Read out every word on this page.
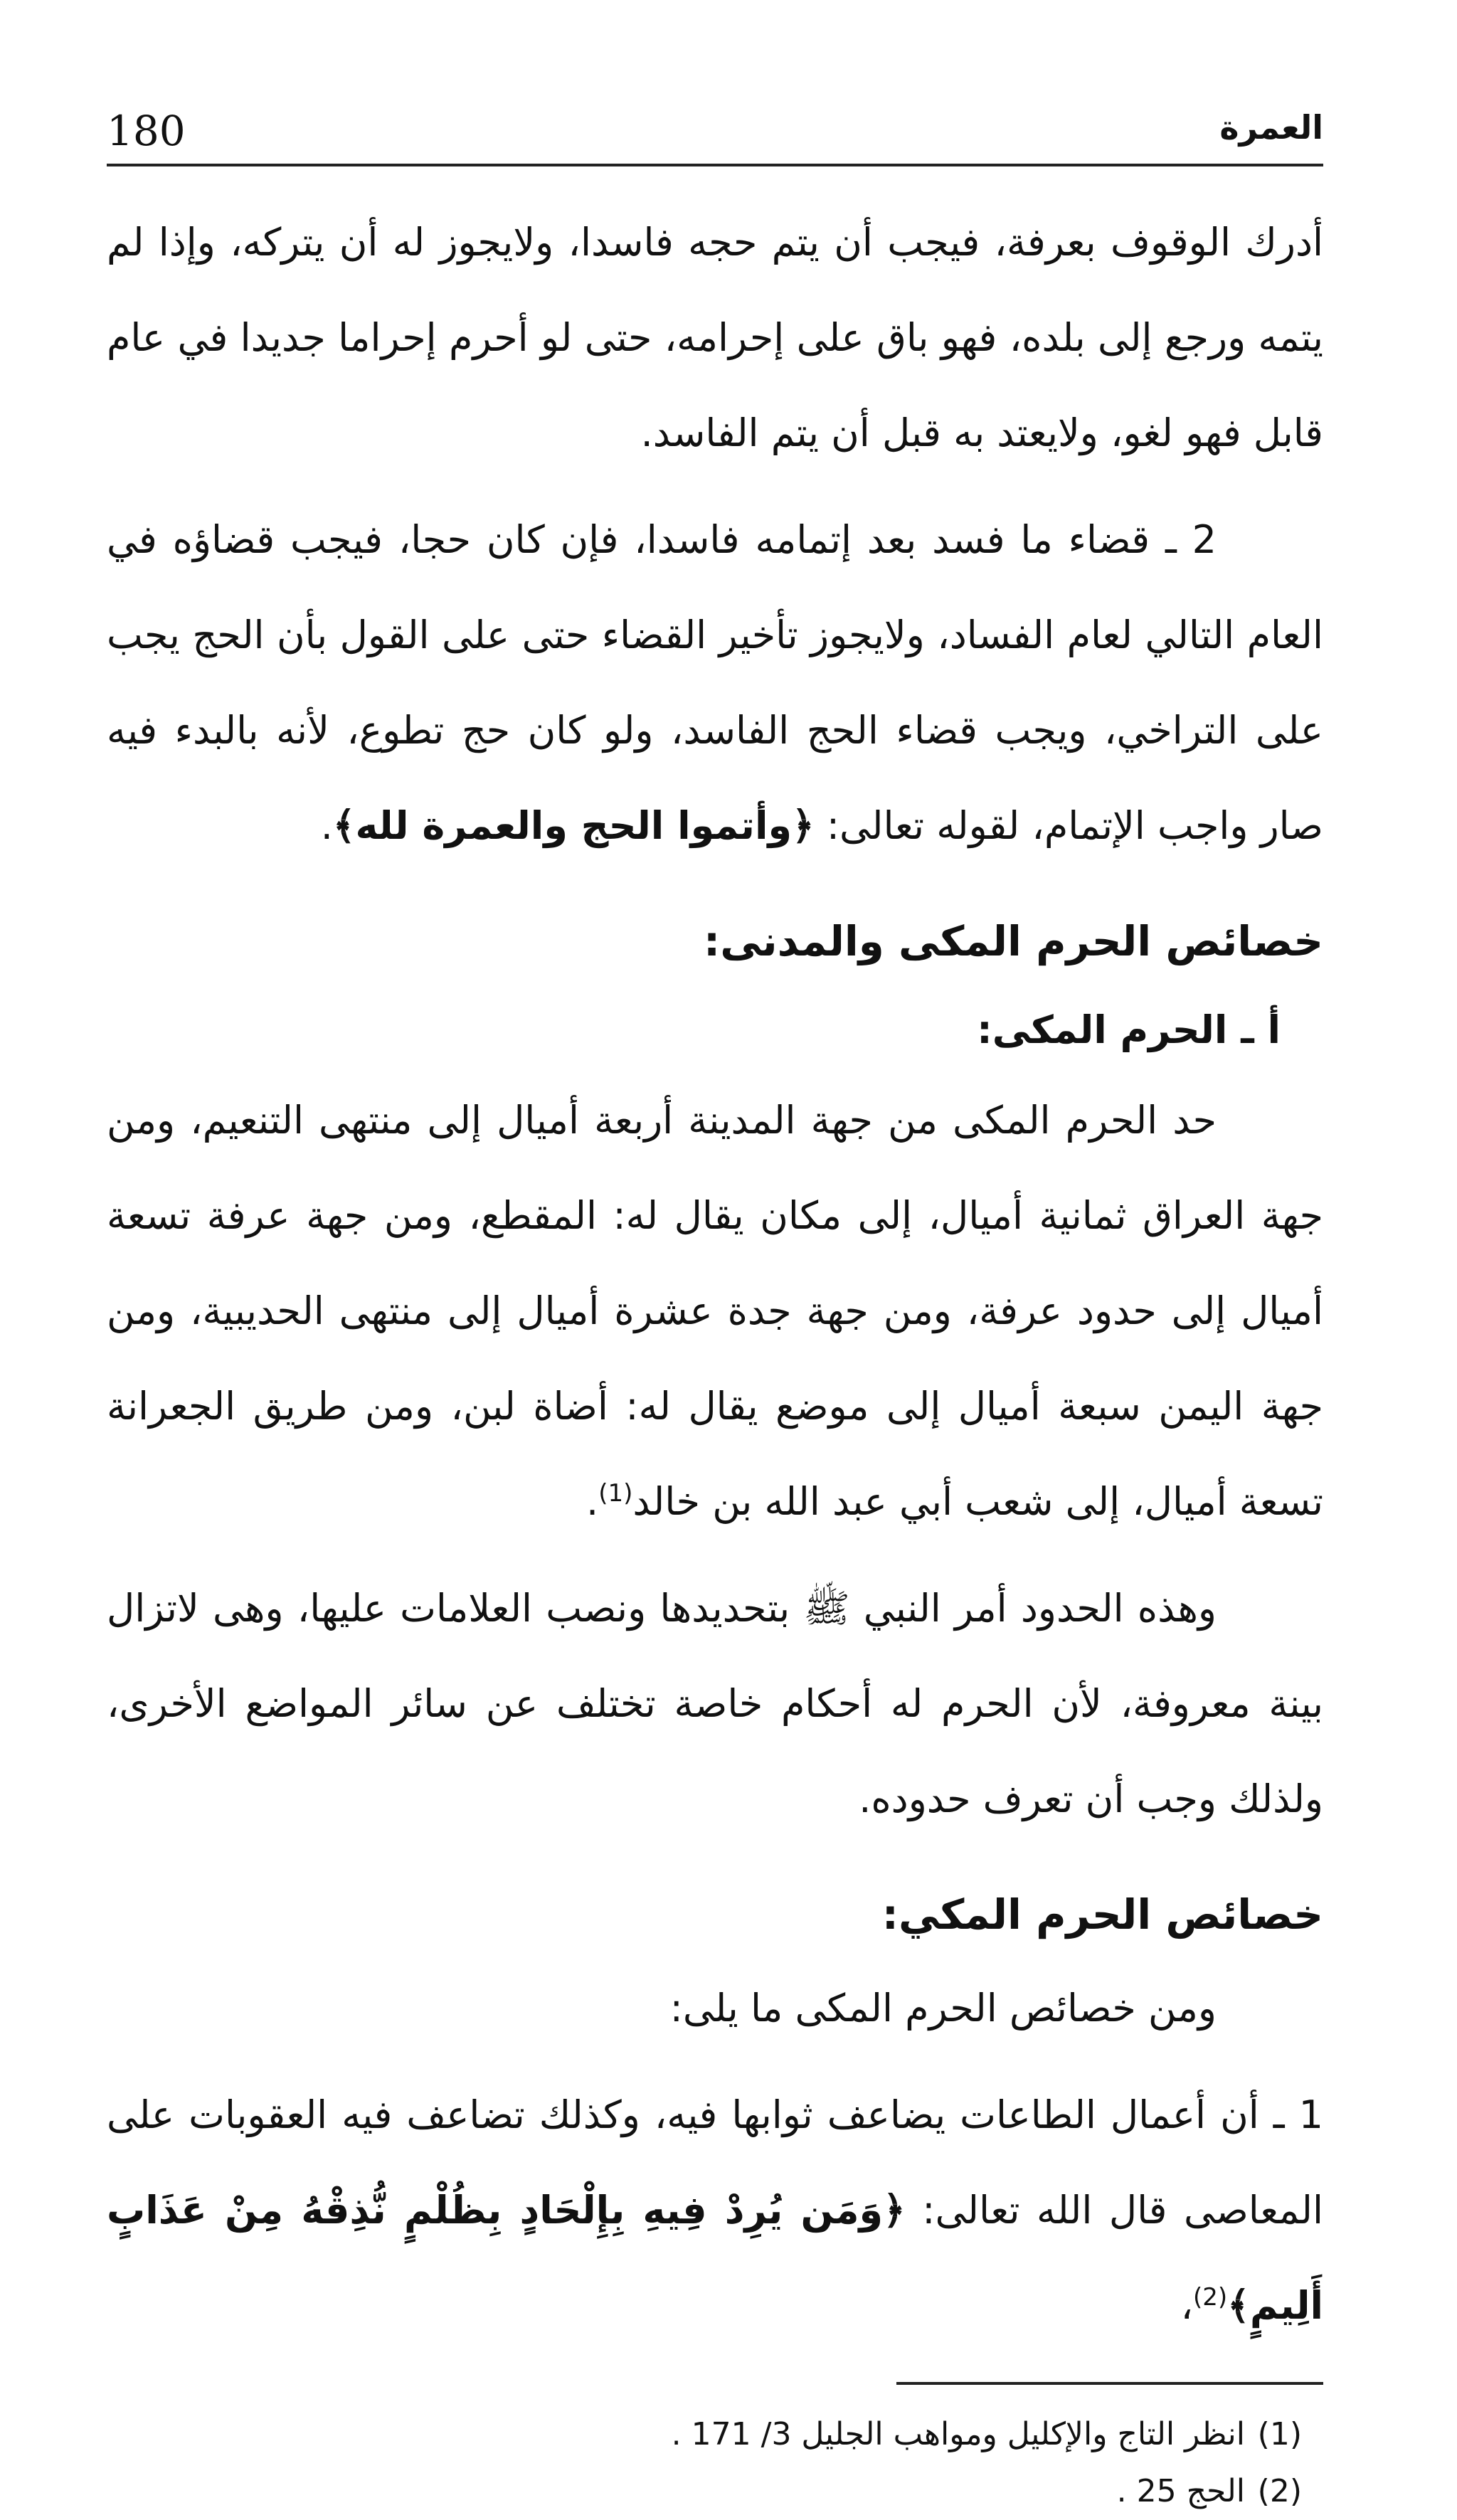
العمرة
180

أدرك الوقوف بعرفة، فيجب أن يتم حجه فاسدا، ولايجوز له أن يتركه، وإذا لم يتمه ورجع إلى بلده، فهو باق على إحرامه، حتى لو أحرم إحراما جديدا في عام قابل فهو لغو، ولايعتد به قبل أن يتم الفاسد.

2 ـ قضاء ما فسد بعد إتمامه فاسدا، فإن كان حجا، فيجب قضاؤه في العام التالي لعام الفساد، ولايجوز تأخير القضاء حتى على القول بأن الحج يجب على التراخي، ويجب قضاء الحج الفاسد، ولو كان حج تطوع، لأنه بالبدء فيه صار واجب الإتمام، لقوله تعالى: ﴿وأتموا الحج والعمرة لله﴾.

خصائص الحرم المكى والمدنى:
أ ـ الحرم المكى:

حد الحرم المكى من جهة المدينة أربعة أميال إلى منتهى التنعيم، ومن جهة العراق ثمانية أميال، إلى مكان يقال له: المقطع، ومن جهة عرفة تسعة أميال إلى حدود عرفة، ومن جهة جدة عشرة أميال إلى منتهى الحديبية، ومن جهة اليمن سبعة أميال إلى موضع يقال له: أضاة لبن، ومن طريق الجعرانة تسعة أميال، إلى شعب أبي عبد الله بن خالد$^{(1)}$.

وهذه الحدود أمر النبي ﷺ بتحديدها ونصب العلامات عليها، وهى لاتزال بينة معروفة، لأن الحرم له أحكام خاصة تختلف عن سائر المواضع الأخرى، ولذلك وجب أن تعرف حدوده.

خصائص الحرم المكي:

ومن خصائص الحرم المكى ما يلى:

1 ـ أن أعمال الطاعات يضاعف ثوابها فيه، وكذلك تضاعف فيه العقوبات على المعاصى قال الله تعالى: ﴿وَمَن يُرِدْ فِيهِ بِإِلْحَادٍ بِظُلْمٍ نُّذِقْهُ مِنْ عَذَابٍ أَلِيمٍ﴾$^{(2)}$،

(1)انظر التاج والإكليل ومواهب الجليل 3/ 171 .

(2)الحج 25 .
